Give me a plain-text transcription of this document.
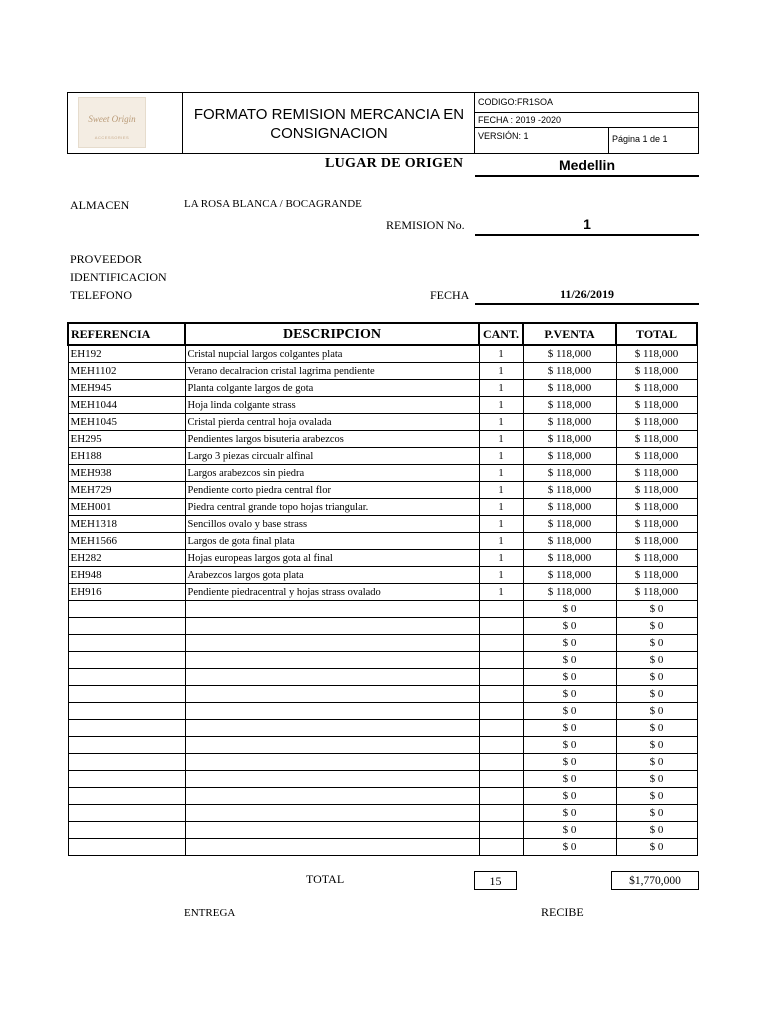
Sweet Origin
ACCESSORIES
FORMATO REMISION MERCANCIA EN CONSIGNACION
CODIGO:FR1SOA
FECHA : 2019 -2020
VERSIÓN: 1	Página 1 de 1
LUGAR DE ORIGEN	Medellin
ALMACEN	LA ROSA BLANCA / BOCAGRANDE
REMISION No.	1
PROVEEDOR
IDENTIFICACION
TELEFONO	FECHA	11/26/2019
REFERENCIA	DESCRIPCION	CANT.	P.VENTA	TOTAL
EH192	Cristal nupcial largos colgantes plata	1	$ 118,000	$ 118,000
MEH1102	Verano decalracion cristal lagrima pendiente	1	$ 118,000	$ 118,000
MEH945	Planta colgante largos de gota	1	$ 118,000	$ 118,000
MEH1044	Hoja linda colgante strass	1	$ 118,000	$ 118,000
MEH1045	Cristal pierda central hoja ovalada	1	$ 118,000	$ 118,000
EH295	Pendientes largos bisuteria arabezcos	1	$ 118,000	$ 118,000
EH188	Largo 3 piezas circualr alfinal	1	$ 118,000	$ 118,000
MEH938	Largos arabezcos sin piedra	1	$ 118,000	$ 118,000
MEH729	Pendiente corto piedra central flor	1	$ 118,000	$ 118,000
MEH001	Piedra central grande topo hojas triangular.	1	$ 118,000	$ 118,000
MEH1318	Sencillos ovalo y base strass	1	$ 118,000	$ 118,000
MEH1566	Largos de gota final plata	1	$ 118,000	$ 118,000
EH282	Hojas europeas largos gota al final	1	$ 118,000	$ 118,000
EH948	Arabezcos largos gota plata	1	$ 118,000	$ 118,000
EH916	Pendiente piedracentral y hojas strass ovalado	1	$ 118,000	$ 118,000
			$ 0	$ 0
			$ 0	$ 0
			$ 0	$ 0
			$ 0	$ 0
			$ 0	$ 0
			$ 0	$ 0
			$ 0	$ 0
			$ 0	$ 0
			$ 0	$ 0
			$ 0	$ 0
			$ 0	$ 0
			$ 0	$ 0
			$ 0	$ 0
			$ 0	$ 0
			$ 0	$ 0
TOTAL	15	$1,770,000
ENTREGA	RECIBE
